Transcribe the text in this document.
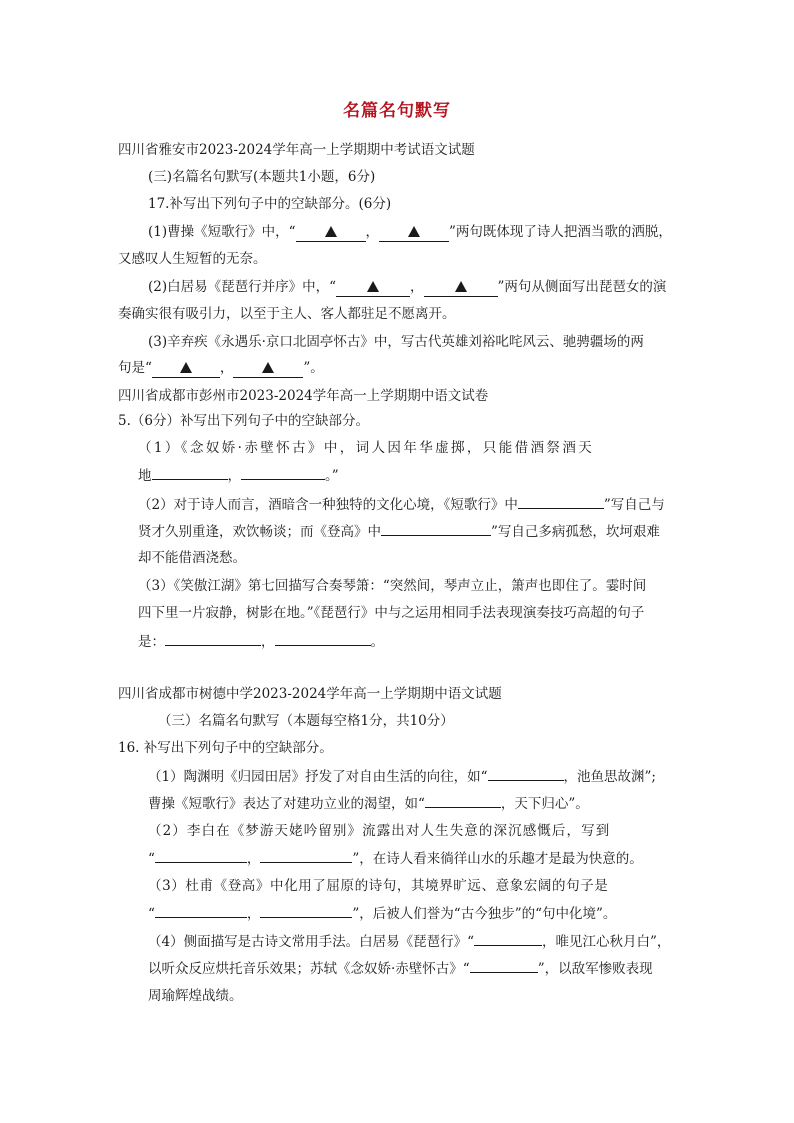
名篇名句默写
四川省雅安市2023-2024学年高一上学期期中考试语文试题
(三)名篇名句默写(本题共1小题，6分)
17.补写出下列句子中的空缺部分。(6分)
(1)曹操《短歌行》中，“	，	”两句既体现了诗人把酒当歌的洒脱，
又感叹人生短暂的无奈。
(2)白居易《琵琶行并序》中，“	，	”两句从侧面写出琵琶女的演
奏确实很有吸引力，以至于主人、客人都驻足不愿离开。
(3)辛弃疾《永遇乐·京口北固亭怀古》中，写古代英雄刘裕叱咤风云、驰骋疆场的两
句是“	，	”。
四川省成都市彭州市2023-2024学年高一上学期期中语文试卷
5.（6分）补写出下列句子中的空缺部分。
（1）《念奴娇·赤壁怀古》中，词人因年华虚掷，只能借酒祭酒天
地	，	。”
（2）对于诗人而言，酒暗含一种独特的文化心境，《短歌行》中	”写自己与
贤才久别重逢，欢饮畅谈；而《登高》中	”写自己多病孤愁，坎坷艰难
却不能借酒浇愁。
（3）《笑傲江湖》第七回描写合奏琴箫：“突然间，琴声立止，箫声也即住了。霎时间
四下里一片寂静，树影在地。”《琵琶行》中与之运用相同手法表现演奏技巧高超的句子
是：	，	。
四川省成都市树德中学2023-2024学年高一上学期期中语文试题
（三）名篇名句默写（本题每空格1分，共10分）
16. 补写出下列句子中的空缺部分。
（1）陶渊明《归园田居》抒发了对自由生活的向往，如“	，池鱼思故渊”;
曹操《短歌行》表达了对建功立业的渴望，如“	，天下归心”。
（2）李白在《梦游天姥吟留别》流露出对人生失意的深沉感慨后，写到
“	，	”，在诗人看来徜徉山水的乐趣才是最为快意的。
（3）杜甫《登高》中化用了屈原的诗句，其境界旷远、意象宏阔的句子是
“	，	”，后被人们誉为“古今独步”的“句中化境”。
（4）侧面描写是古诗文常用手法。白居易《琵琶行》“	，唯见江心秋月白”，
以听众反应烘托音乐效果；苏轼《念奴娇·赤壁怀古》“	”，以敌军惨败表现
周瑜辉煌战绩。
